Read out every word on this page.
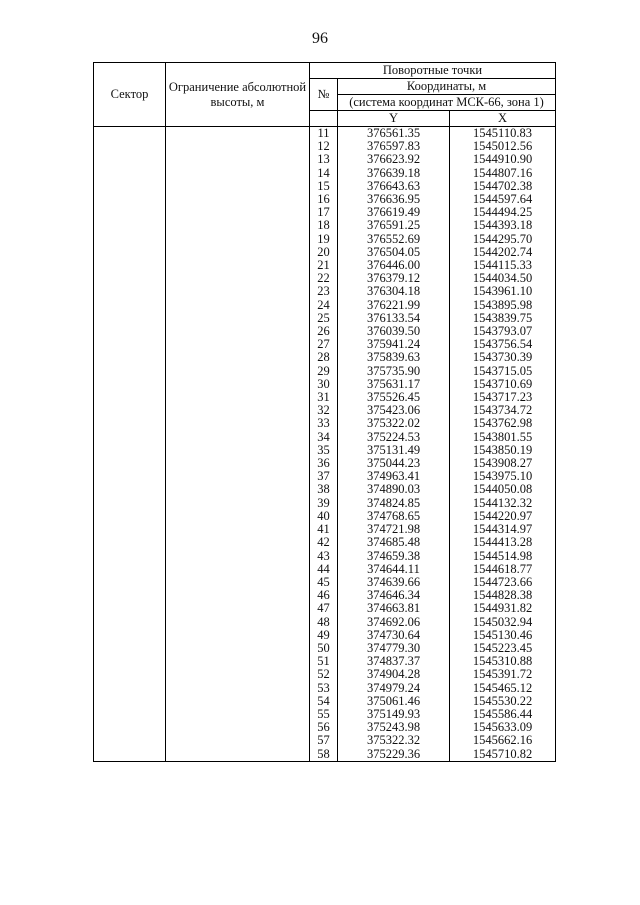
96
Сектор	Ограничение абсолютной высоты, м	Поворотные точки		
		№	Координаты, м	
			(система координат МСК-66, зона 1)	
			Y	X
		11	376561.35	1545110.83
		12	376597.83	1545012.56
		13	376623.92	1544910.90
		14	376639.18	1544807.16
		15	376643.63	1544702.38
		16	376636.95	1544597.64
		17	376619.49	1544494.25
		18	376591.25	1544393.18
		19	376552.69	1544295.70
		20	376504.05	1544202.74
		21	376446.00	1544115.33
		22	376379.12	1544034.50
		23	376304.18	1543961.10
		24	376221.99	1543895.98
		25	376133.54	1543839.75
		26	376039.50	1543793.07
		27	375941.24	1543756.54
		28	375839.63	1543730.39
		29	375735.90	1543715.05
		30	375631.17	1543710.69
		31	375526.45	1543717.23
		32	375423.06	1543734.72
		33	375322.02	1543762.98
		34	375224.53	1543801.55
		35	375131.49	1543850.19
		36	375044.23	1543908.27
		37	374963.41	1543975.10
		38	374890.03	1544050.08
		39	374824.85	1544132.32
		40	374768.65	1544220.97
		41	374721.98	1544314.97
		42	374685.48	1544413.28
		43	374659.38	1544514.98
		44	374644.11	1544618.77
		45	374639.66	1544723.66
		46	374646.34	1544828.38
		47	374663.81	1544931.82
		48	374692.06	1545032.94
		49	374730.64	1545130.46
		50	374779.30	1545223.45
		51	374837.37	1545310.88
		52	374904.28	1545391.72
		53	374979.24	1545465.12
		54	375061.46	1545530.22
		55	375149.93	1545586.44
		56	375243.98	1545633.09
		57	375322.32	1545662.16
		58	375229.36	1545710.82
